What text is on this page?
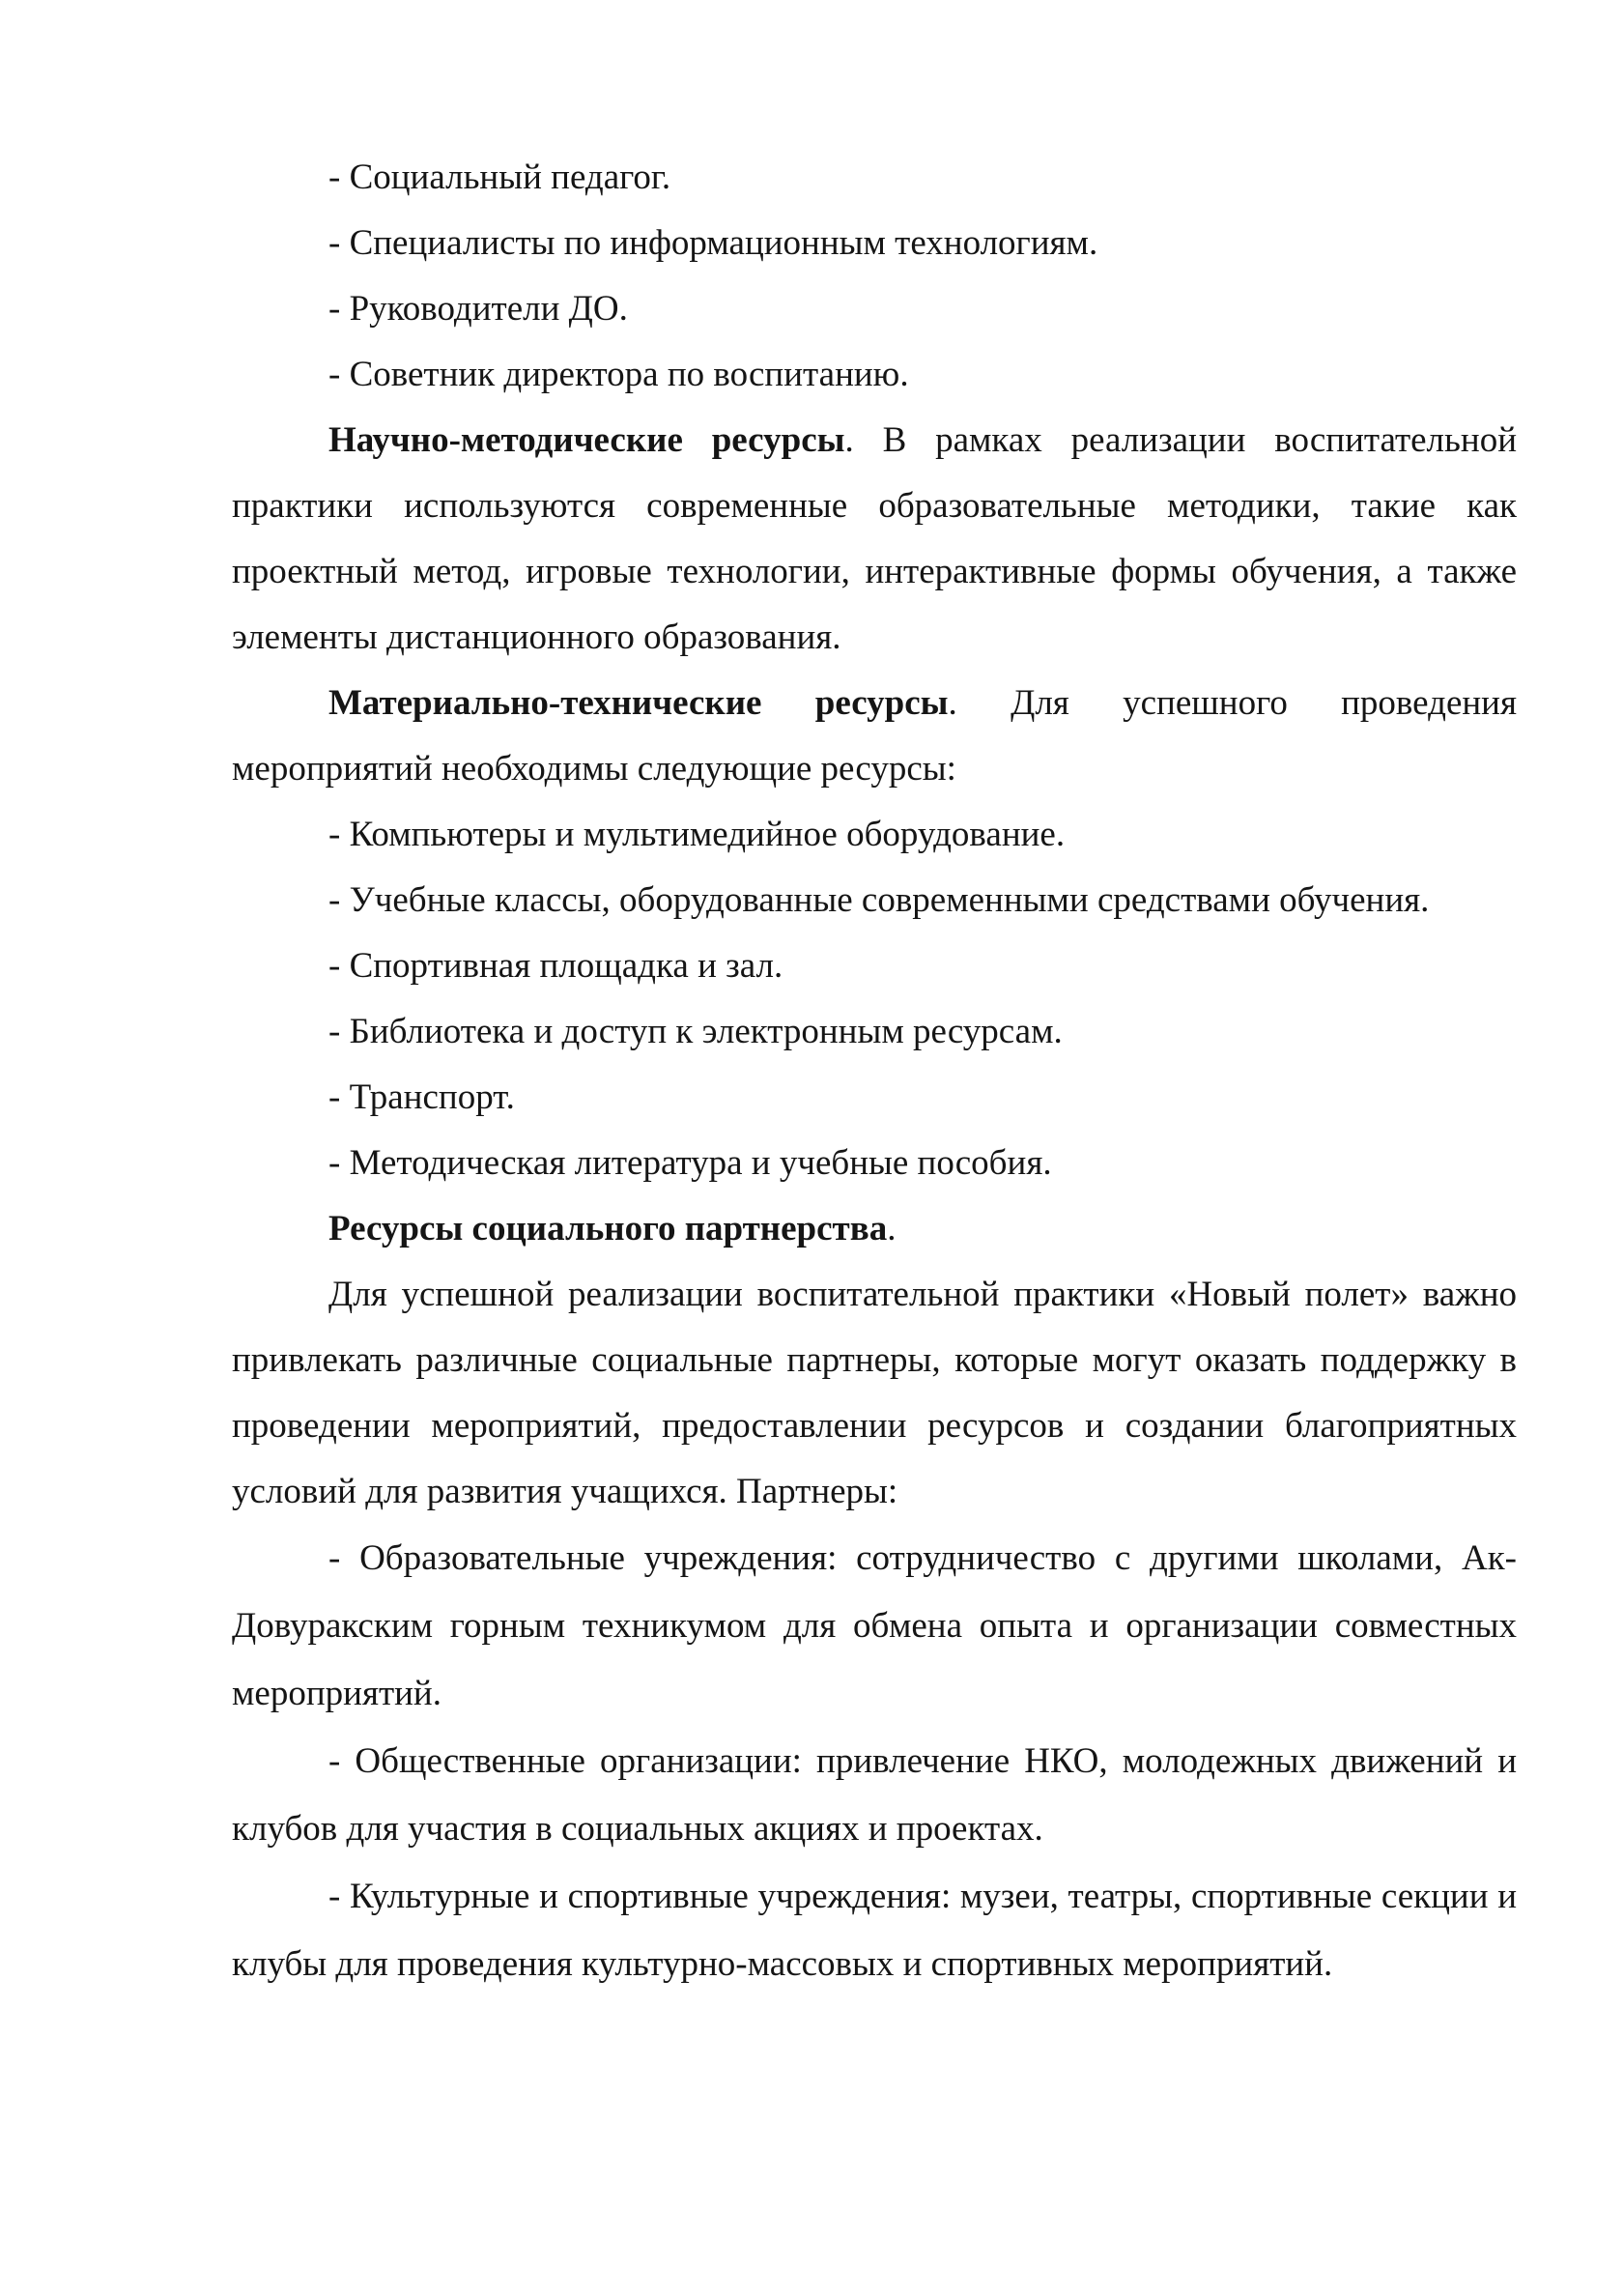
- Социальный педагог.

- Специалисты по информационным технологиям.

- Руководители ДО.

- Советник директора по воспитанию.

Научно-методические ресурсы. В рамках реализации воспитательной практики используются современные образовательные методики, такие как проектный метод, игровые технологии, интерактивные формы обучения, а также элементы дистанционного образования.

Материально-технические ресурсы. Для успешного проведения мероприятий необходимы следующие ресурсы:

- Компьютеры и мультимедийное оборудование.

- Учебные классы, оборудованные современными средствами обучения.

- Спортивная площадка и зал.

- Библиотека и доступ к электронным ресурсам.

- Транспорт.

- Методическая литература и учебные пособия.

Ресурсы социального партнерства.

Для успешной реализации воспитательной практики «Новый полет» важно привлекать различные социальные партнеры, которые могут оказать поддержку в проведении мероприятий, предоставлении ресурсов и создании благоприятных условий для развития учащихся. Партнеры:

- Образовательные учреждения: сотрудничество с другими школами, Ак-Довуракским горным техникумом для обмена опыта и организации совместных мероприятий.

- Общественные организации: привлечение НКО, молодежных движений и клубов для участия в социальных акциях и проектах.

- Культурные и спортивные учреждения: музеи, театры, спортивные секции и клубы для проведения культурно-массовых и спортивных мероприятий.
